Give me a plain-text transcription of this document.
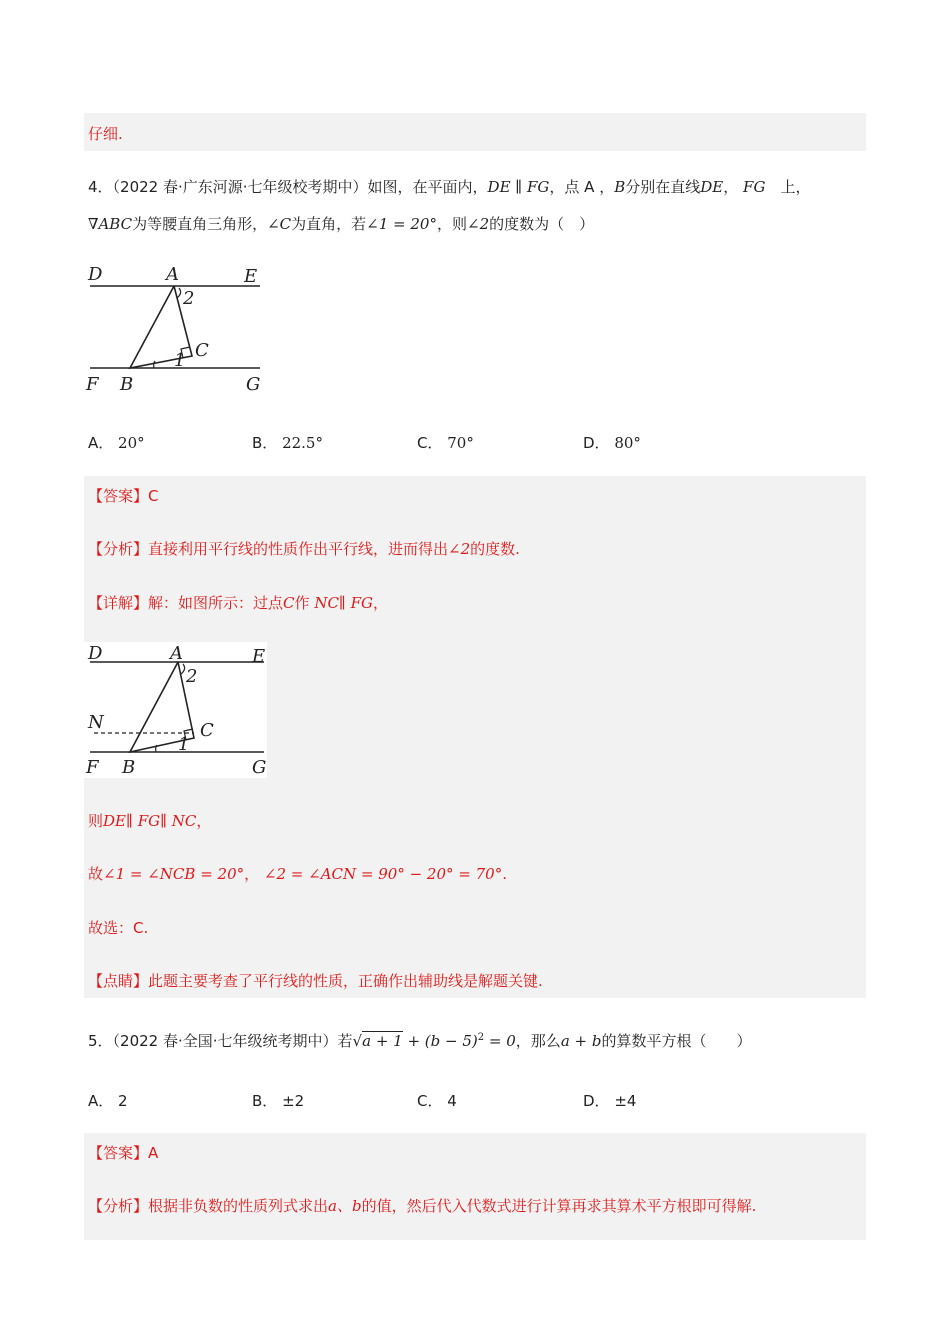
仔细.
4．（2022 春·广东河源·七年级校考期中）如图，在平面内，DE ∥ FG，点 A ，B分别在直线DE， FG　 上，
∇ABC为等腰直角三角形，∠C为直角，若∠1 = 20°，则∠2的度数为（　）
D	A	E
2
C
1
F B	G
A． 20°	B． 22.5°	C． 70°	D． 80°
【答案】C
【分析】直接利用平行线的性质作出平行线，进而得出∠2的度数.
【详解】解：如图所示：过点C作 NC∥ FG，
D	A	E
2
N	C
1
F B	G
则DE∥ FG∥ NC，
故∠1 = ∠NCB = 20°， ∠2 = ∠ACN = 90° − 20° = 70°.
故选：C.
【点睛】此题主要考查了平行线的性质，正确作出辅助线是解题关键.
5．（2022 春·全国·七年级统考期中）若$√a + 1 + (b - 5)^2 = 0$，那么a + b的算数平方根（　　）
A． 2	B． ±2	C． 4	D． ±4
【答案】A
【分析】根据非负数的性质列式求出a、b的值，然后代入代数式进行计算再求其算术平方根即可得解.
